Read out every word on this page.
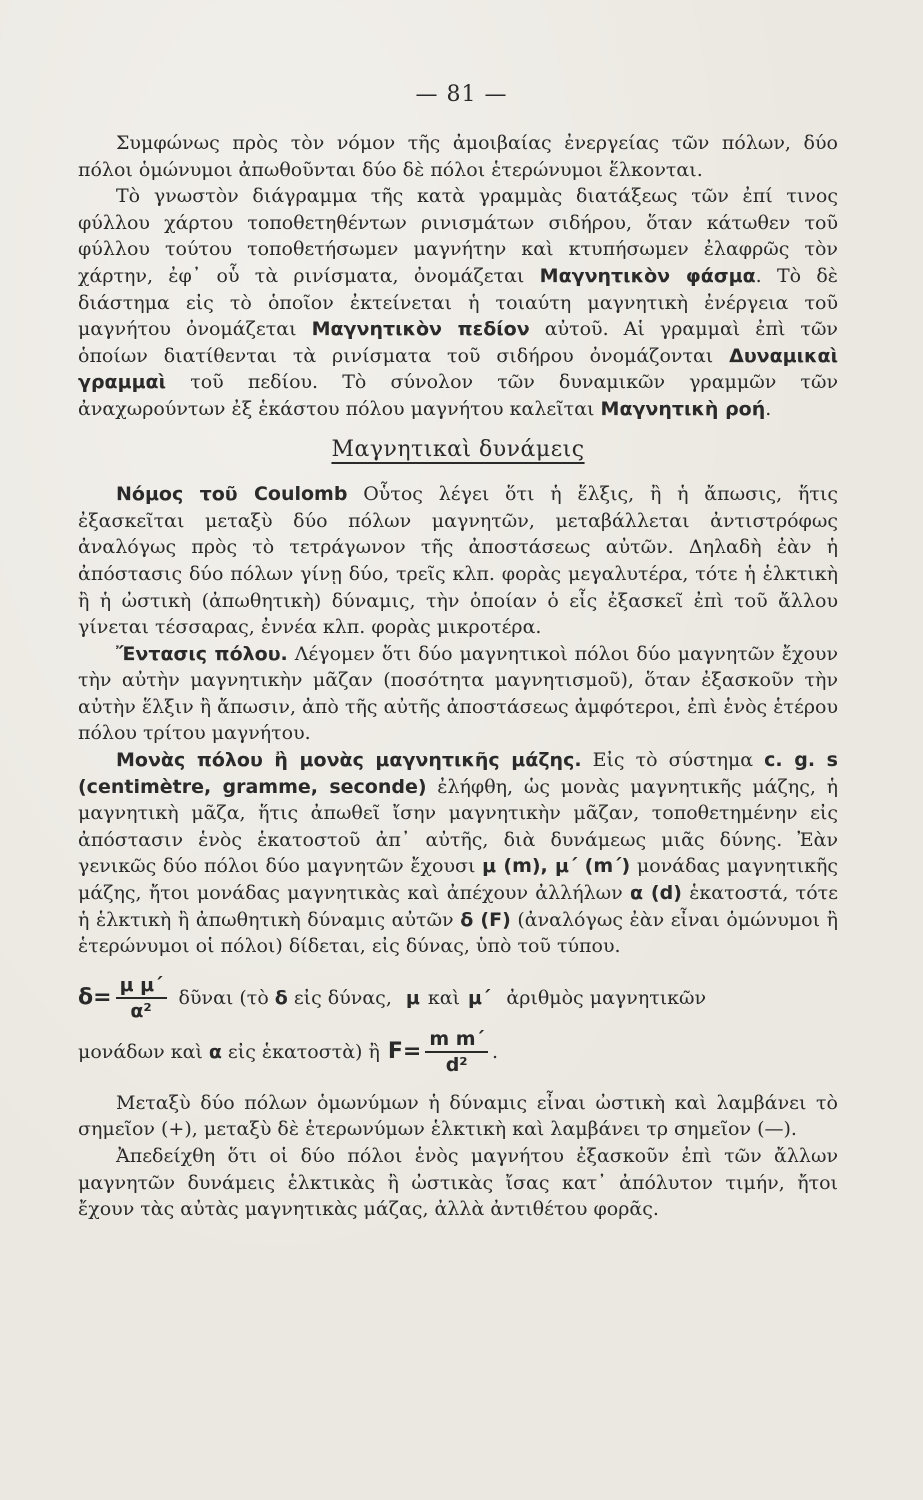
— 81 —

Συμφώνως πρὸς τὸν νόμον τῆς ἀμοιβαίας ἐνεργείας τῶν πόλων, δύο πόλοι ὁμώνυμοι ἀπωθοῦνται δύο δὲ πόλοι ἑτερώνυμοι ἕλκονται.

Τὸ γνωστὸν διάγραμμα τῆς κατὰ γραμμὰς διατάξεως τῶν ἐπί τινος φύλλου χάρτου τοποθετηθέντων ρινισμάτων σιδήρου, ὅταν κάτωθεν τοῦ φύλλου τούτου τοποθετήσωμεν μαγνήτην καὶ κτυπήσωμεν ἐλαφρῶς τὸν χάρτην, ἐφ᾽ οὗ τὰ ρινίσματα, ὀνομάζεται Μαγνητικὸν φάσμα. Τὸ δὲ διάστημα εἰς τὸ ὁποῖον ἐκτείνεται ἡ τοιαύτη μαγνητικὴ ἐνέργεια τοῦ μαγνήτου ὀνομάζεται Μαγνητικὸν πεδίον αὐτοῦ. Αἱ γραμμαὶ ἐπὶ τῶν ὁποίων διατίθενται τὰ ρινίσματα τοῦ σιδήρου ὀνομάζονται Δυναμικαὶ γραμμαὶ τοῦ πεδίου. Τὸ σύνολον τῶν δυναμικῶν γραμμῶν τῶν ἀναχωρούντων ἐξ ἑκάστου πόλου μαγνήτου καλεῖται Μαγνητικὴ ροή.

Μαγνητικαὶ δυνάμεις

Νόμος τοῦ Coulomb Οὗτος λέγει ὅτι ἡ ἕλξις, ἢ ἡ ἄπωσις, ἥτις ἐξασκεῖται μεταξὺ δύο πόλων μαγνητῶν, μεταβάλλεται ἀντιστρόφως ἀναλόγως πρὸς τὸ τετράγωνον τῆς ἀποστάσεως αὐτῶν. Δηλαδὴ ἐὰν ἡ ἀπόστασις δύο πόλων γίνῃ δύο, τρεῖς κλπ. φορὰς μεγαλυτέρα, τότε ἡ ἑλκτικὴ ἢ ἡ ὠστικὴ (ἀπωθητικὴ) δύναμις, τὴν ὁποίαν ὁ εἷς ἐξασκεῖ ἐπὶ τοῦ ἄλλου γίνεται τέσσαρας, ἐννέα κλπ. φορὰς μικροτέρα.

Ἔντασις πόλου. Λέγομεν ὅτι δύο μαγνητικοὶ πόλοι δύο μαγνητῶν ἔχουν τὴν αὐτὴν μαγνητικὴν μᾶζαν (ποσότητα μαγνητισμοῦ), ὅταν ἐξασκοῦν τὴν αὐτὴν ἕλξιν ἢ ἄπωσιν, ἀπὸ τῆς αὐτῆς ἀποστάσεως ἀμφότεροι, ἐπὶ ἑνὸς ἑτέρου πόλου τρίτου μαγνήτου.

Μονὰς πόλου ἢ μονὰς μαγνητικῆς μάζης. Εἰς τὸ σύστημα c. g. s (centimètre, gramme, seconde) ἐλήφθη, ὡς μονὰς μαγνητικῆς μάζης, ἡ μαγνητικὴ μᾶζα, ἥτις ἀπωθεῖ ἴσην μαγνητικὴν μᾶζαν, τοποθετημένην εἰς ἀπόστασιν ἑνὸς ἑκατοστοῦ ἀπ᾽ αὐτῆς, διὰ δυνάμεως μιᾶς δύνης. Ἐὰν γενικῶς δύο πόλοι δύο μαγνητῶν ἔχουσι μ (m), μ΄ (m΄) μονάδας μαγνητικῆς μάζης, ἤτοι μονάδας μαγνητικὰς καὶ ἀπέχουν ἀλλήλων α (d) ἑκατοστά, τότε ἡ ἑλκτικὴ ἢ ἀπωθητικὴ δύναμις αὐτῶν δ (F) (ἀναλόγως ἐὰν εἶναι ὁμώνυμοι ἢ ἑτερώνυμοι οἱ πόλοι) δίδεται, εἰς δύνας, ὑπὸ τοῦ τύπου.

$\delta= \frac{\text{μ μ΄}}{\text{α²}}$ δῦναι (τὸ δ εἰς δύνας, μ καὶ μ΄ ἀριθμὸς μαγνητικῶν
μονάδων καὶ α εἰς ἑκατοστὰ) ἢ $F= \frac{\text{m m΄}}{\text{d²}}$ .

Μεταξὺ δύο πόλων ὁμωνύμων ἡ δύναμις εἶναι ὠστικὴ καὶ λαμβάνει τὸ σημεῖον (+), μεταξὺ δὲ ἑτερωνύμων ἑλκτικὴ καὶ λαμβάνει τρ σημεῖον (—).

Ἀπεδείχθη ὅτι οἱ δύο πόλοι ἑνὸς μαγνήτου ἐξασκοῦν ἐπὶ τῶν ἄλλων μαγνητῶν δυνάμεις ἑλκτικὰς ἢ ὠστικὰς ἴσας κατ᾽ ἀπόλυτον τιμήν, ἤτοι ἔχουν τὰς αὐτὰς μαγνητικὰς μάζας, ἀλλὰ ἀντιθέτου φορᾶς.
